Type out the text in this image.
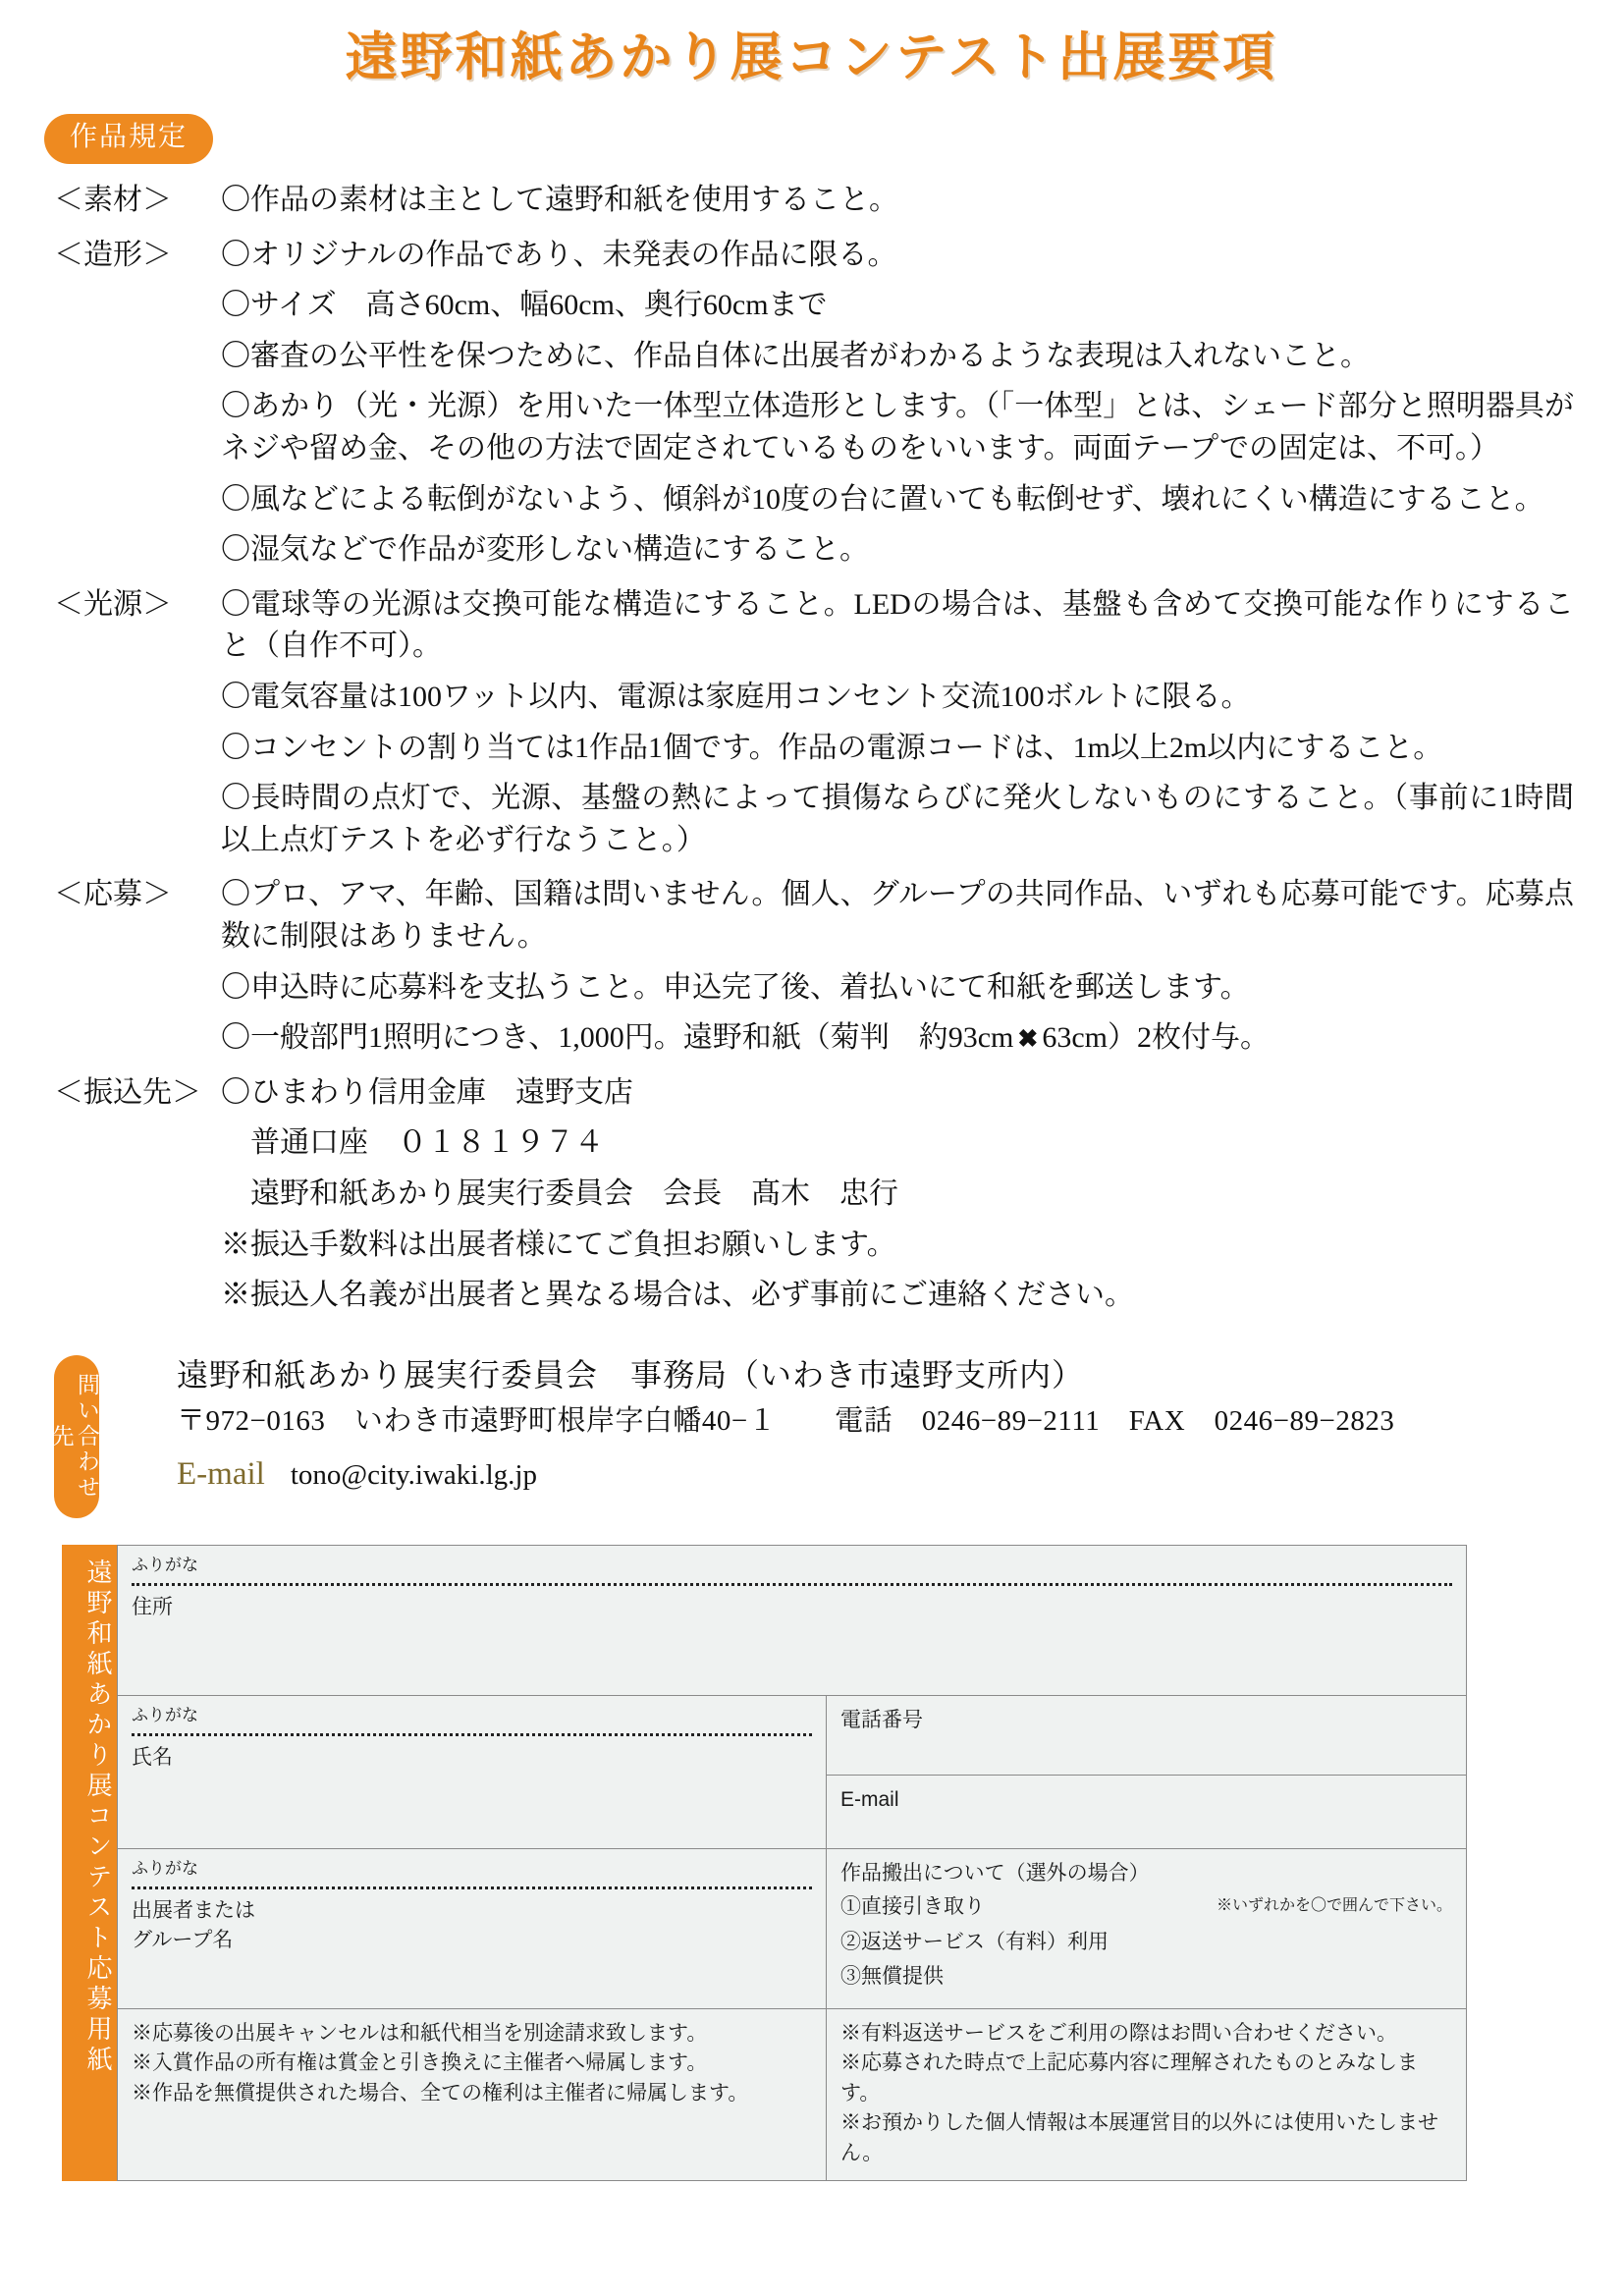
遠野和紙あかり展コンテスト出展要項
作品規定
＜素材＞	〇作品の素材は主として遠野和紙を使用すること。

＜造形＞	〇オリジナルの作品であり、未発表の作品に限る。

〇サイズ　高さ60cm、幅60cm、奥行60cmまで

〇審査の公平性を保つために、作品自体に出展者がわかるような表現は入れないこと。

〇あかり（光・光源）を用いた一体型立体造形とします。（「一体型」とは、シェード部分と照明器具がネジや留め金、その他の方法で固定されているものをいいます。両面テープでの固定は、不可。）

〇風などによる転倒がないよう、傾斜が10度の台に置いても転倒せず、壊れにくい構造にすること。

〇湿気などで作品が変形しない構造にすること。

＜光源＞	〇電球等の光源は交換可能な構造にすること。LEDの場合は、基盤も含めて交換可能な作りにすること（自作不可）。

〇電気容量は100ワット以内、電源は家庭用コンセント交流100ボルトに限る。

〇コンセントの割り当ては1作品1個です。作品の電源コードは、1m以上2m以内にすること。

〇長時間の点灯で、光源、基盤の熱によって損傷ならびに発火しないものにすること。（事前に1時間以上点灯テストを必ず行なうこと。）

＜応募＞	〇プロ、アマ、年齢、国籍は問いません。個人、グループの共同作品、いずれも応募可能です。応募点数に制限はありません。

〇申込時に応募料を支払うこと。申込完了後、着払いにて和紙を郵送します。

〇一般部門1照明につき、1,000円。遠野和紙（菊判　約93cm ✖ 63cm）2枚付与。

＜振込先＞ 〇ひまわり信用金庫　遠野支店

　普通口座　０１８１９７４

　遠野和紙あかり展実行委員会　会長　髙木　忠行

※振込手数料は出展者様にてご負担お願いします。

※振込人名義が出展者と異なる場合は、必ず事前にご連絡ください。

問い合わせ先
遠野和紙あかり展実行委員会　事務局（いわき市遠野支所内）
〒972−0163　いわき市遠野町根岸字白幡40−１　　電話　0246−89−2111　FAX　0246−89−2823
E-mail tono@city.iwaki.lg.jp
遠野和紙あかり展コンテスト応募用紙 ふりがな
住所	

ふりがな
氏名	電話番号

	E-mail

ふりがな
出展者または
グループ名	作品搬出について（選外の場合）
①直接引き取り ※いずれかを〇で囲んで下さい。
②返送サービス（有料）利用
③無償提供

※応募後の出展キャンセルは和紙代相当を別途請求致します。

※入賞作品の所有権は賞金と引き換えに主催者へ帰属します。

※作品を無償提供された場合、全ての権利は主催者に帰属します。

※有料返送サービスをご利用の際はお問い合わせください。

※応募された時点で上記応募内容に理解されたものとみなします。

※お預かりした個人情報は本展運営目的以外には使用いたしません。
